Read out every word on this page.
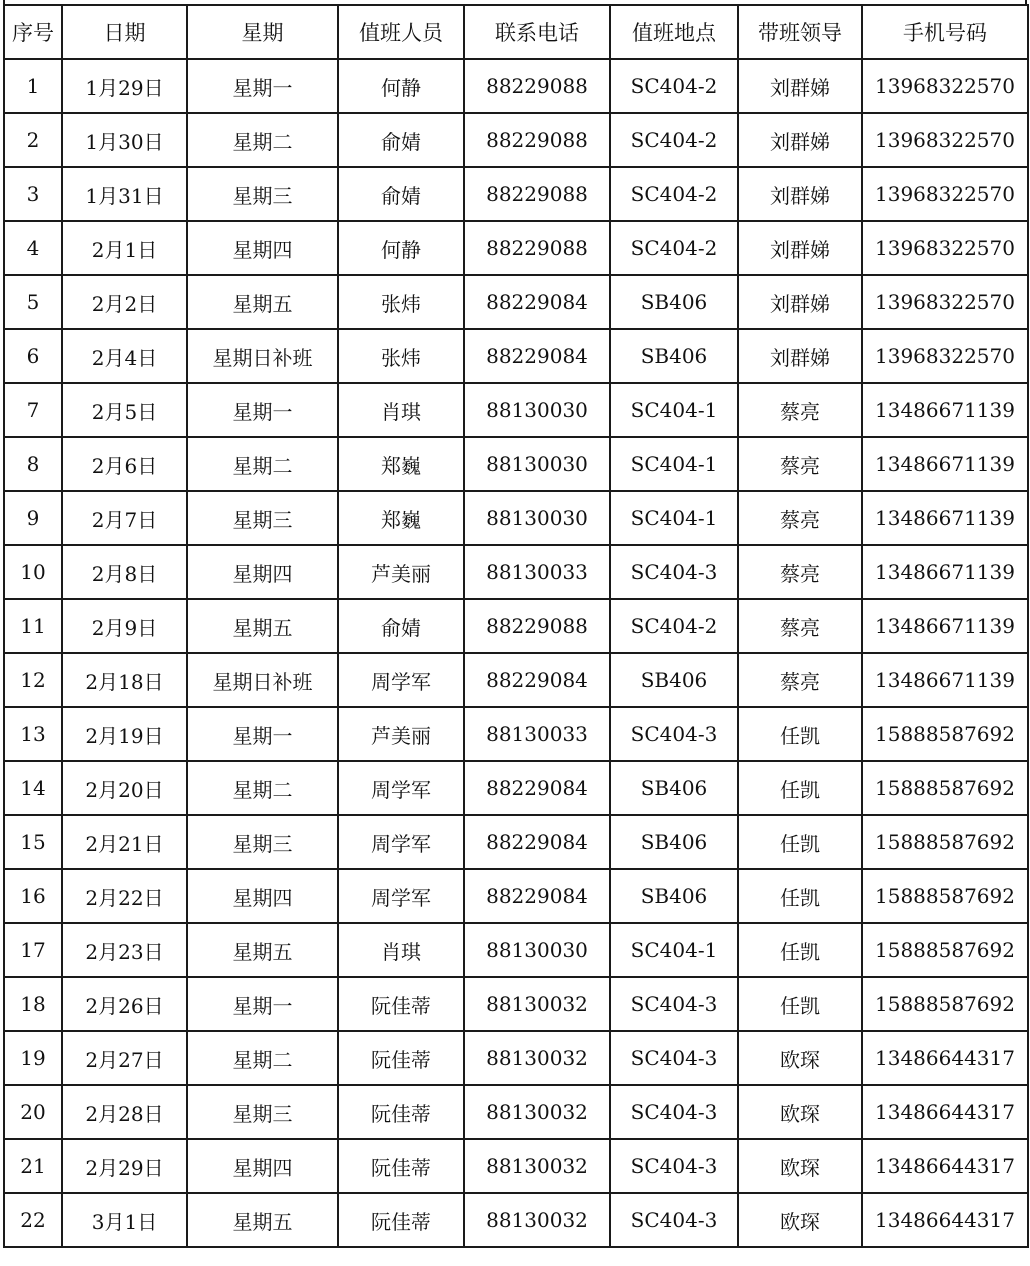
序号	日期	星期	值班人员	联系电话	值班地点	带班领导	手机号码
1	1月29日	星期一	何静	88229088	SC404-2	刘群娣	13968322570
2	1月30日	星期二	俞婧	88229088	SC404-2	刘群娣	13968322570
3	1月31日	星期三	俞婧	88229088	SC404-2	刘群娣	13968322570
4	2月1日	星期四	何静	88229088	SC404-2	刘群娣	13968322570
5	2月2日	星期五	张炜	88229084	SB406	刘群娣	13968322570
6	2月4日	星期日补班	张炜	88229084	SB406	刘群娣	13968322570
7	2月5日	星期一	肖琪	88130030	SC404-1	蔡亮	13486671139
8	2月6日	星期二	郑巍	88130030	SC404-1	蔡亮	13486671139
9	2月7日	星期三	郑巍	88130030	SC404-1	蔡亮	13486671139
10	2月8日	星期四	芦美丽	88130033	SC404-3	蔡亮	13486671139
11	2月9日	星期五	俞婧	88229088	SC404-2	蔡亮	13486671139
12	2月18日	星期日补班	周学军	88229084	SB406	蔡亮	13486671139
13	2月19日	星期一	芦美丽	88130033	SC404-3	任凯	15888587692
14	2月20日	星期二	周学军	88229084	SB406	任凯	15888587692
15	2月21日	星期三	周学军	88229084	SB406	任凯	15888587692
16	2月22日	星期四	周学军	88229084	SB406	任凯	15888587692
17	2月23日	星期五	肖琪	88130030	SC404-1	任凯	15888587692
18	2月26日	星期一	阮佳蒂	88130032	SC404-3	任凯	15888587692
19	2月27日	星期二	阮佳蒂	88130032	SC404-3	欧琛	13486644317
20	2月28日	星期三	阮佳蒂	88130032	SC404-3	欧琛	13486644317
21	2月29日	星期四	阮佳蒂	88130032	SC404-3	欧琛	13486644317
22	3月1日	星期五	阮佳蒂	88130032	SC404-3	欧琛	13486644317
